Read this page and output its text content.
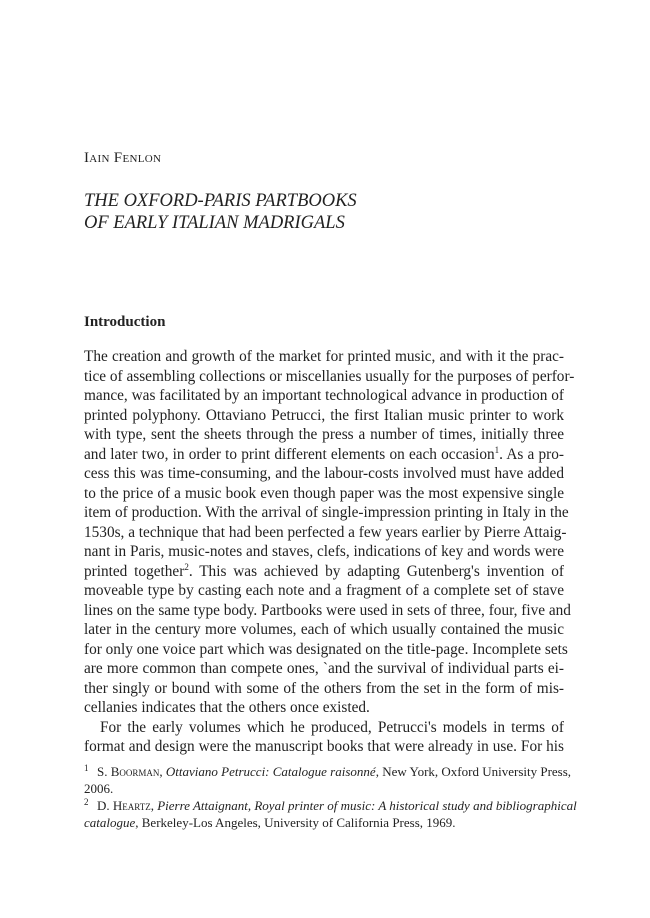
Iain Fenlon
THE OXFORD-PARIS PARTBOOKS
OF EARLY ITALIAN MADRIGALS
Introduction
The creation and growth of the market for printed music, and with it the prac-
tice of assembling collections or miscellanies usually for the purposes of perfor-
mance, was facilitated by an important technological advance in production of
printed polyphony. Ottaviano Petrucci, the first Italian music printer to work
with type, sent the sheets through the press a number of times, initially three
and later two, in order to print different elements on each occasion$^1$. As a pro-
cess this was time-consuming, and the labour-costs involved must have added
to the price of a music book even though paper was the most expensive single
item of production. With the arrival of single-impression printing in Italy in the
1530s, a technique that had been perfected a few years earlier by Pierre Attaig-
nant in Paris, music-notes and staves, clefs, indications of key and words were
printed together$^2$. This was achieved by adapting Gutenberg's invention of
moveable type by casting each note and a fragment of a complete set of stave
lines on the same type body. Partbooks were used in sets of three, four, five and
later in the century more volumes, each of which usually contained the music
for only one voice part which was designated on the title-page. Incomplete sets
are more common than compete ones, `and the survival of individual parts ei-
ther singly or bound with some of the others from the set in the form of mis-
cellanies indicates that the others once existed.
For the early volumes which he produced, Petrucci's models in terms of
format and design were the manuscript books that were already in use. For his
1 S. Boorman, Ottaviano Petrucci: Catalogue raisonné, New York, Oxford University Press,
2006.
2 D. Heartz, Pierre Attaignant, Royal printer of music: A historical study and bibliographical
catalogue, Berkeley-Los Angeles, University of California Press, 1969.
